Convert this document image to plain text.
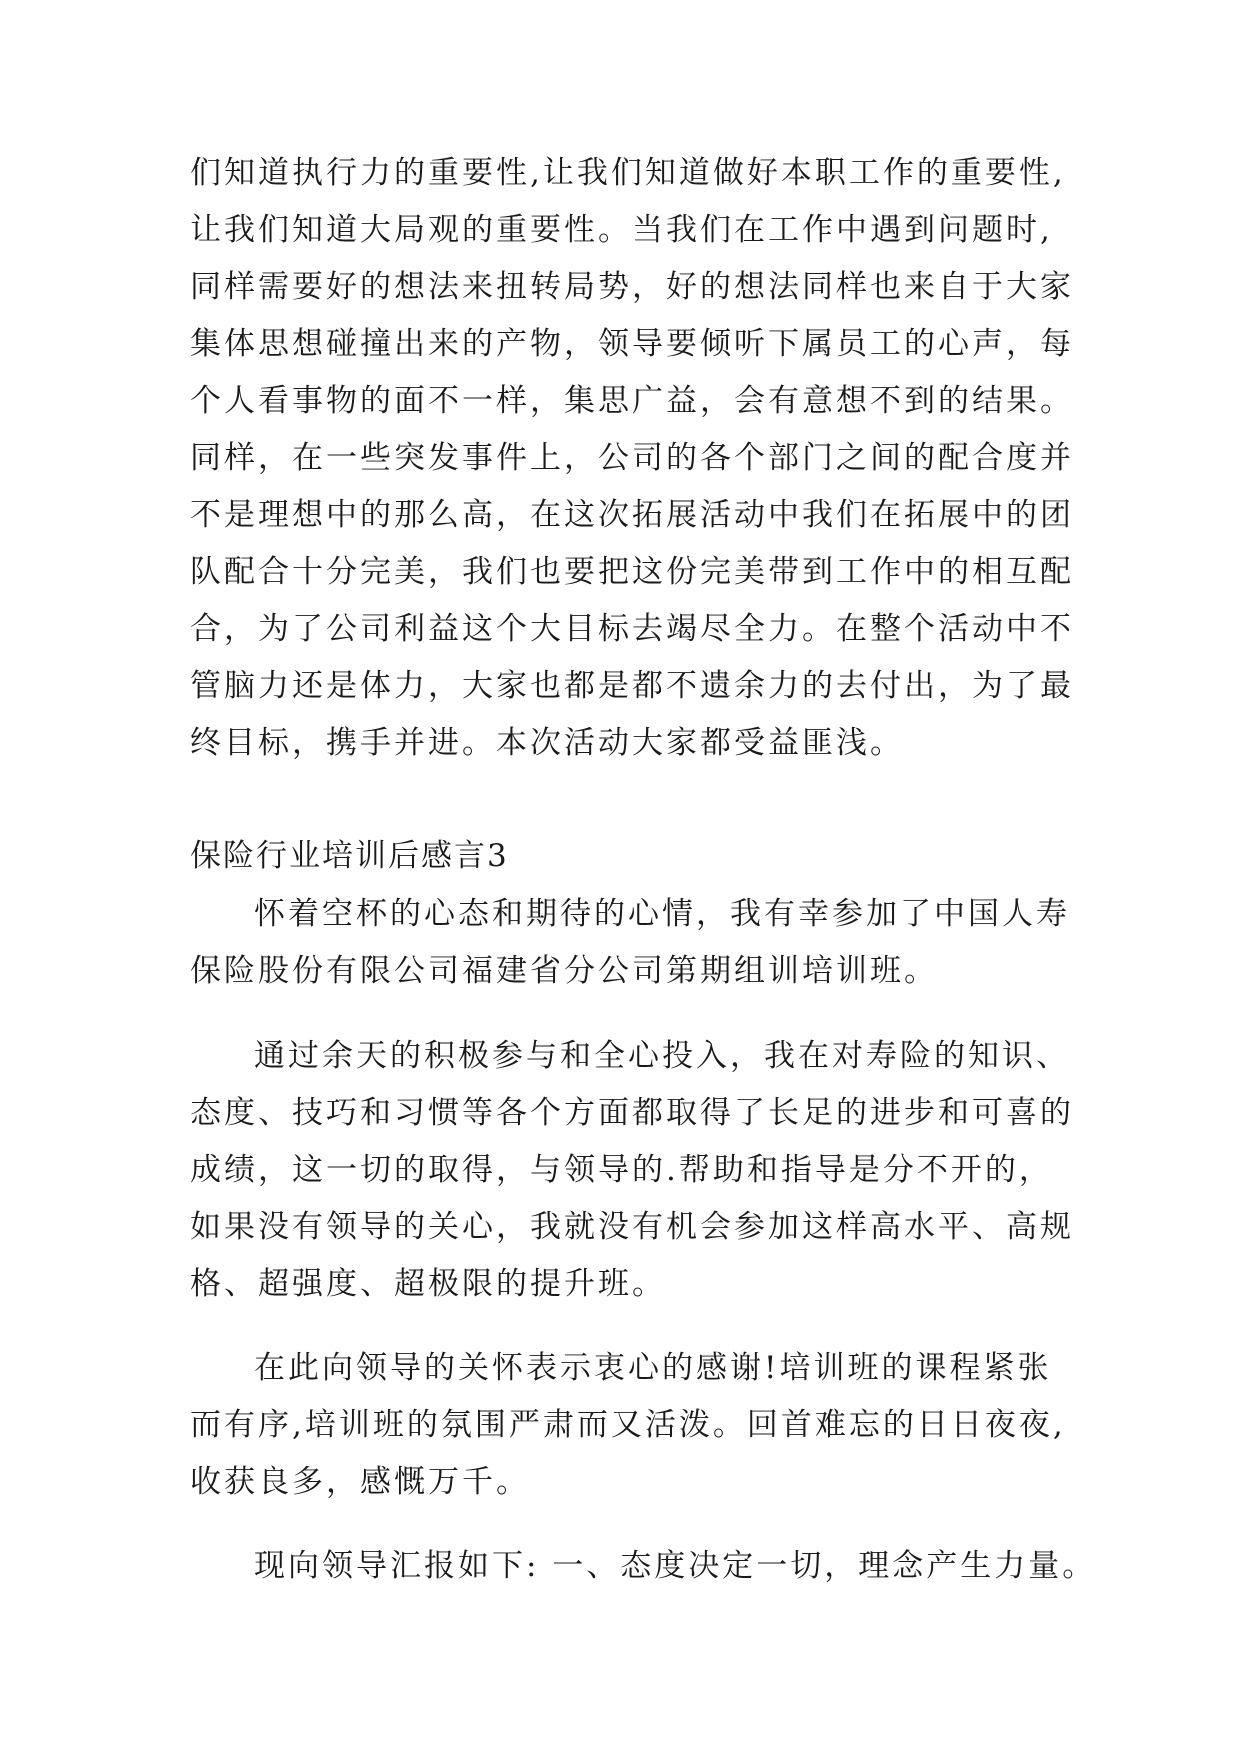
们知道执行力的重要性,让我们知道做好本职工作的重要性,
让我们知道大局观的重要性。当我们在工作中遇到问题时,
同样需要好的想法来扭转局势，好的想法同样也来自于大家
集体思想碰撞出来的产物，领导要倾听下属员工的心声，每
个人看事物的面不一样，集思广益，会有意想不到的结果。
同样，在一些突发事件上，公司的各个部门之间的配合度并
不是理想中的那么高，在这次拓展活动中我们在拓展中的团
队配合十分完美，我们也要把这份完美带到工作中的相互配
合，为了公司利益这个大目标去竭尽全力。在整个活动中不
管脑力还是体力，大家也都是都不遗余力的去付出，为了最
终目标，携手并进。本次活动大家都受益匪浅。
保险行业培训后感言3
怀着空杯的心态和期待的心情，我有幸参加了中国人寿
保险股份有限公司福建省分公司第期组训培训班。
通过余天的积极参与和全心投入，我在对寿险的知识、
态度、技巧和习惯等各个方面都取得了长足的进步和可喜的
成绩，这一切的取得，与领导的.帮助和指导是分不开的，
如果没有领导的关心，我就没有机会参加这样高水平、高规
格、超强度、超极限的提升班。
在此向领导的关怀表示衷心的感谢!培训班的课程紧张
而有序,培训班的氛围严肃而又活泼。回首难忘的日日夜夜,
收获良多，感慨万千。
现向领导汇报如下: 一、态度决定一切，理念产生力量。
